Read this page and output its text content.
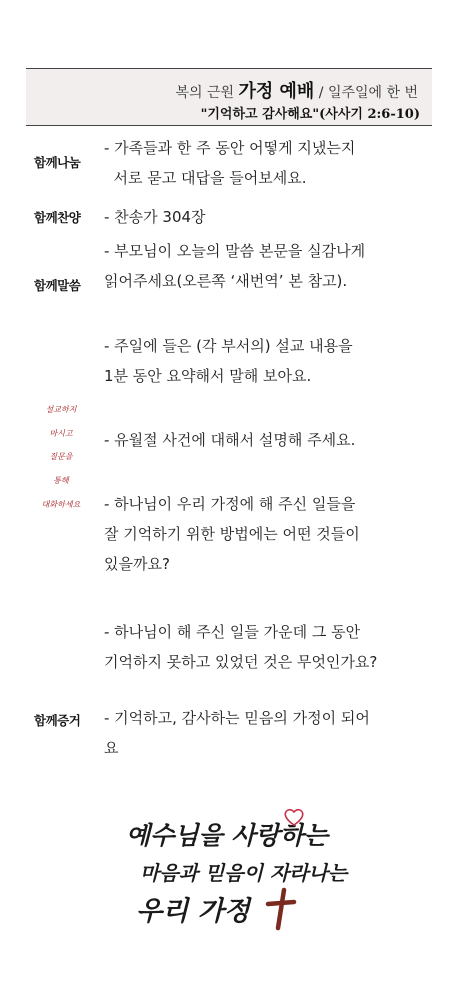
복의 근원 가정 예배 / 일주일에 한 번
"기억하고 감사해요"(사사기 2:6-10)
함께나눔
- 가족들과 한 주 동안 어떻게 지냈는지
서로 묻고 대답을 들어보세요.
함께찬양 - 찬송가 304장
함께말씀
- 부모님이 오늘의 말씀 본문을 실감나게
읽어주세요(오른쪽 ‘새번역’ 본 참고).
- 주일에 들은 (각 부서의) 설교 내용을
1분 동안 요약해서 말해 보아요.
- 유월절 사건에 대해서 설명해 주세요.
- 하나님이 우리 가정에 해 주신 일들을
잘 기억하기 위한 방법에는 어떤 것들이
있을까요?
- 하나님이 해 주신 일들 가운데 그 동안
기억하지 못하고 있었던 것은 무엇인가요?
설교하지
마시고
질문을
통해
대화하세요
함께증거 - 기억하고, 감사하는 믿음의 가정이 되어
요
예수님을 사랑하는
마음과 믿음이 자라나는
우리 가정
